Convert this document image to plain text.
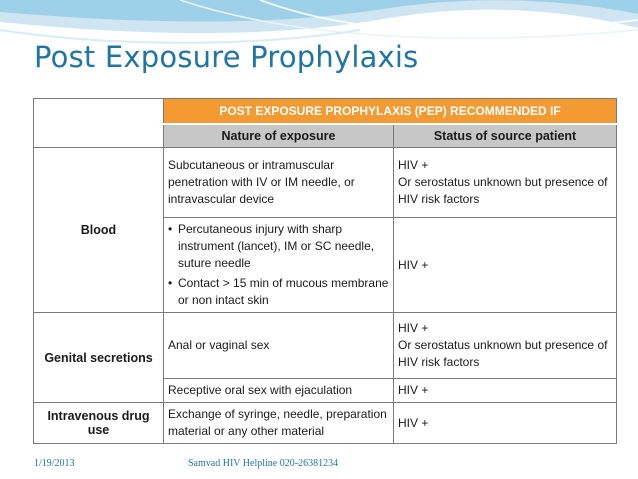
Post Exposure Prophylaxis
	POST EXPOSURE PROPHYLAXIS (PEP) RECOMMENDED IF	
	Nature of exposure	Status of source patient
Blood	Subcutaneous or intramuscular penetration with IV or IM needle, or intravascular device	HIV +
Or serostatus unknown but presence of HIV risk factors

	• Percutaneous injury with sharp instrument (lancet), IM or SC needle, suture needle
• Contact > 15 min of mucous membrane or non intact skin	HIV +
Genital secretions	Anal or vaginal sex	HIV +
Or serostatus unknown but presence of HIV risk factors

	Receptive oral sex with ejaculation	HIV +
Intravenous drug use	Exchange of syringe, needle, preparation material or any other material	HIV +
1/19/2013	Samvad HIV Helpline 020-26381234
